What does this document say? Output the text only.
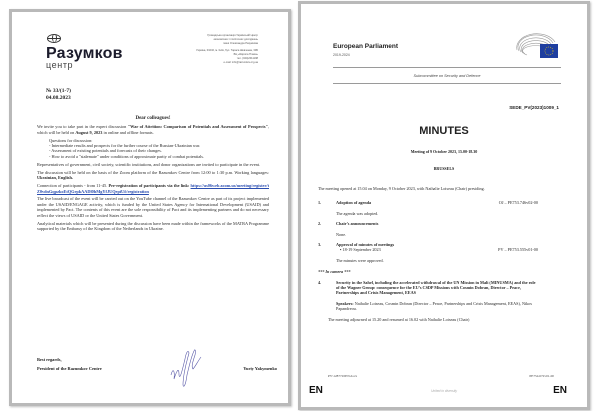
Разумков
центр
Громадська організація Українській Центр
економічних і політичних досліджень
імені Олександра Разумкова
Україна, 01032, м. Київ, бул. Тараса Шевченка, 33Б
БЦ «Європа Плаза»
тел. (044)2011198
e-mail: info@razumkov.org.ua
№ 33/(1-7)
04.08.2023

Dear colleagues!

We invite you to take part in the expert discussion "War of Attrition: Comparison of Potentials and Assessment of Prospects", which will be held on August 9, 2023 in online and offline formats.

Questions for discussion:
- Intermediate results and prospects for the further course of the Russian-Ukrainian war.
- Assessment of existing potentials and forecasts of their changes.
- How to avoid a "stalemate" under conditions of approximate parity of combat potentials.

Representatives of government, civil society, scientific institutions, and donor organizations are invited to participate in the event.

The discussion will be held on the basis of the Zoom platform of the Razumkov Centre from 12:00 to 1:30 p.m. Working languages: Ukrainian, English.

Connection of participants - from 11-45. Pre-registration of participants via the link: https://us06web.zoom.us/meeting/register/tZ0vdnGqpzkoEtQGrpkAADl0hMgYfJUQepiU#/registration

The live broadcast of the event will be carried out on the YouTube channel of the Razumkov Centre as part of its project implemented under the USAID/ENGAGE activity, which is funded by the United States Agency for International Development (USAID) and implemented by Pact. The contents of this event are the sole responsibility of Pact and its implementing partners and do not necessary reflect the views of USAID or the United States Government.

Analytical materials which will be presented during the discussion have been made within the frameworks of the MATRA Programme supported by the Embassy of the Kingdom of the Netherlands in Ukraine.

Best regards,
President of the Razumkov Centre	Yuriy Yakymenko
European Parliament
2019-2024
Subcommittee on Security and Defence
SEDE_PV(2023)1009_1
MINUTES
Meeting of 9 October 2023, 15.00-18.30
BRUSSELS
The meeting opened at 15.04 on Monday, 9 October 2023, with Nathalie Loiseau (Chair) presiding.
1.	Adoption of agenda	OJ – PE753.746v02-00
The agenda was adopted.
2.	Chair’s announcements
None.
3.	Approval of minutes of meetings
▪ 18-19 September 2023	PV – PE753.555v01-00
The minutes were approved.
*** In camera ***
4.	Security in the Sahel, including the accelerated withdrawal of the UN Mission in Mali (MINUSMA) and the role of the Wagner Group: consequence for the EU’s CSDP Missions with Cosmin Dobran, Director – Peace, Partnerships and Crisis Management, EEAS
Speakers: Nathalie Loiseau, Cosmin Dobran (Director – Peace, Partnerships and Crisis Management, EEAS), Nikos Papandreou.
The meeting adjourned at 15.20 and resumed at 16.02 with Nathalie Loiseau (Chair)
PV\1287745EN.docx	PE754.672v01-00
EN	United in diversity	EN
